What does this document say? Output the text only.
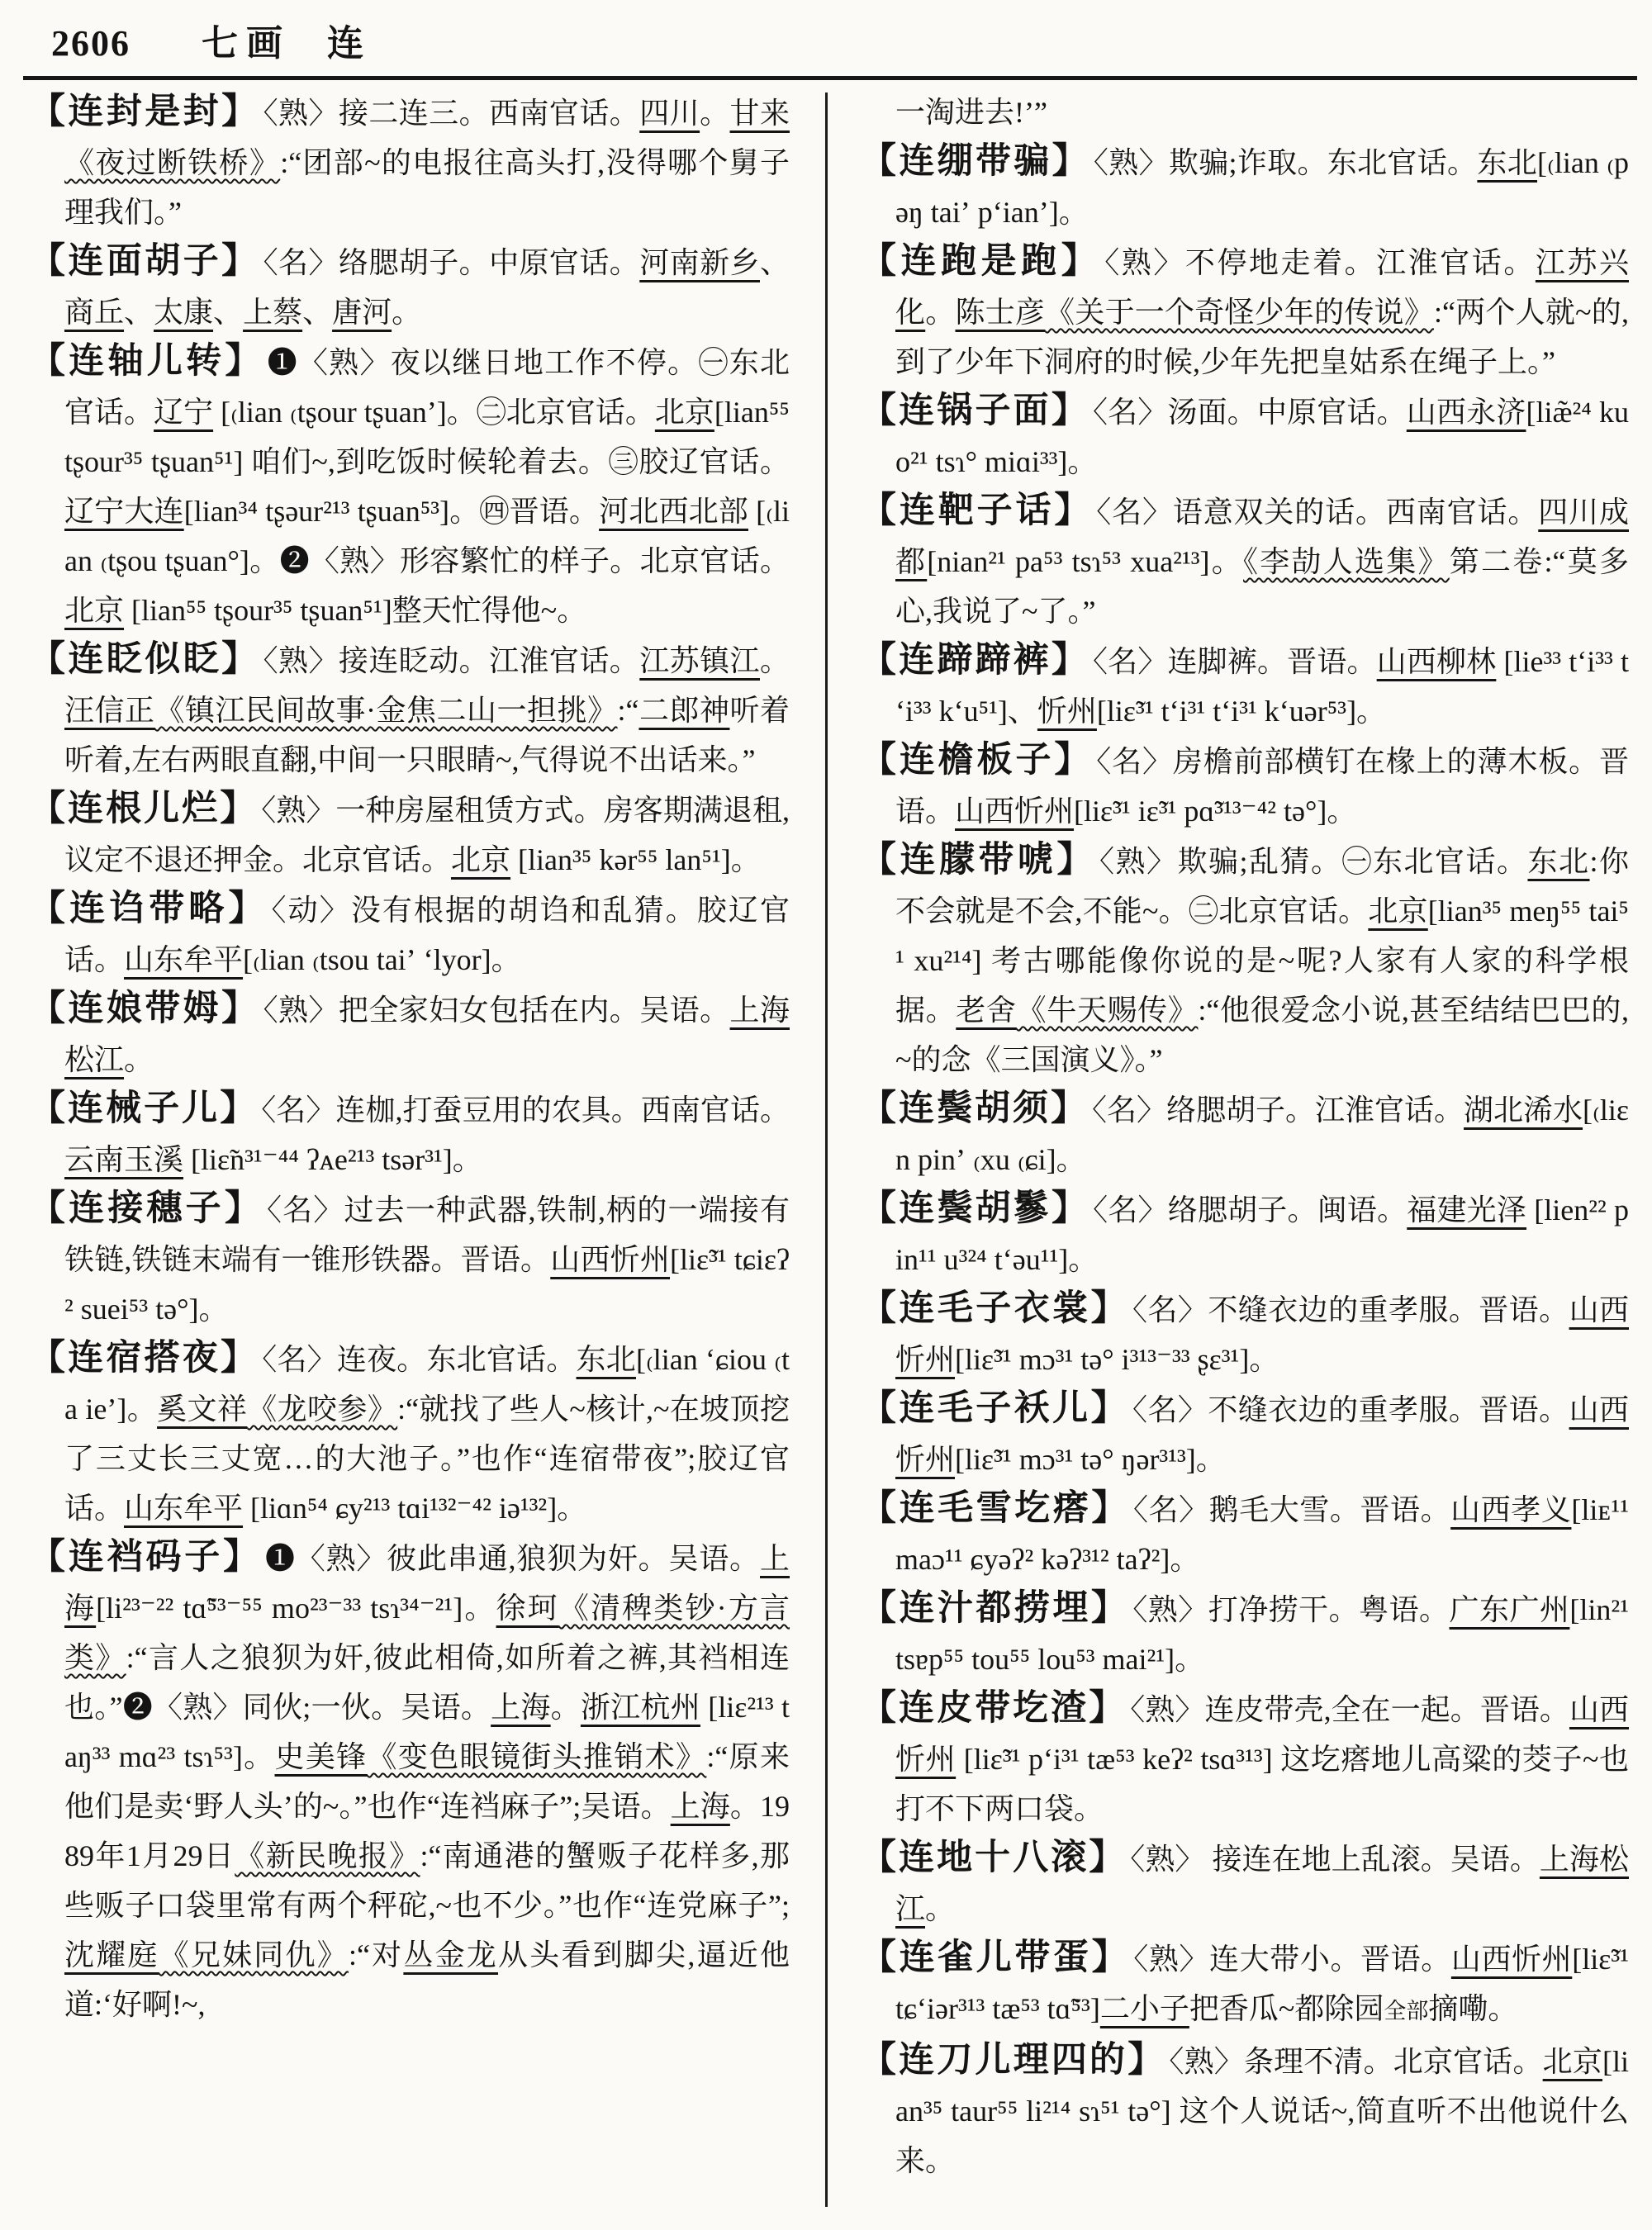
2606 七画 连

【连封是封】 〈熟〉接二连三。西南官话。四川。甘来《夜过断铁桥》:“团部~的电报往高头打,没得哪个舅子理我们。”

【连面胡子】 〈名〉络腮胡子。中原官话。河南新乡、商丘、太康、上蔡、唐河。

【连轴儿转】 ❶〈熟〉夜以继日地工作不停。㊀东北官话。辽宁 [₍lian ₍tʂour tʂuanʼ]。㊁北京官话。北京[lian⁵⁵ tʂour³⁵ tʂuan⁵¹] 咱们~,到吃饭时候轮着去。㊂胶辽官话。辽宁大连[lian³⁴ tʂəur²¹³ tʂuan⁵³]。㊃晋语。河北西北部 [₍lian ₍tʂou tʂuan°]。❷〈熟〉形容繁忙的样子。北京官话。北京 [lian⁵⁵ tʂour³⁵ tʂuan⁵¹]整天忙得他~。

【连眨似眨】 〈熟〉接连眨动。江淮官话。江苏镇江。汪信正《镇江民间故事·金焦二山一担挑》:“二郎神听着听着,左右两眼直翻,中间一只眼睛~,气得说不出话来。”

【连根儿烂】 〈熟〉一种房屋租赁方式。房客期满退租,议定不退还押金。北京官话。北京 [lian³⁵ kər⁵⁵ lan⁵¹]。

【连诌带略】 〈动〉没有根据的胡诌和乱猜。胶辽官话。山东牟平[₍lian ₍tsou taiʼ ʻlyor]。

【连娘带姆】 〈熟〉把全家妇女包括在内。吴语。上海松江。

【连械子儿】 〈名〉连枷,打蚕豆用的农具。西南官话。云南玉溪 [liɛ̃n³¹⁻⁴⁴ ʔᴀe²¹³ tsər³¹]。

【连接穗子】 〈名〉过去一种武器,铁制,柄的一端接有铁链,铁链末端有一锥形铁器。晋语。山西忻州[liɛ̃³¹ tɕiɛʔ² suei⁵³ tə°]。

【连宿搭夜】 〈名〉连夜。东北官话。东北[₍lian ʻɕiou ₍ta ieʼ]。奚文祥《龙咬参》:“就找了些人~核计,~在坡顶挖了三丈长三丈宽…的大池子。”也作“连宿带夜”;胶辽官话。山东牟平 [liɑn⁵⁴ ɕy²¹³ tɑi¹³²⁻⁴² iə¹³²]。

【连裆码子】 ❶〈熟〉彼此串通,狼狈为奸。吴语。上海[li²³⁻²² tɑ̃⁵³⁻⁵⁵ mo²³⁻³³ tsɿ³⁴⁻²¹]。徐珂《清稗类钞·方言类》:“言人之狼狈为奸,彼此相倚,如所着之裤,其裆相连也。”❷〈熟〉同伙;一伙。吴语。上海。浙江杭州 [liɛ²¹³ taŋ³³ mɑ²³ tsɿ⁵³]。史美锋《变色眼镜街头推销术》:“原来他们是卖‘野人头’的~。”也作“连裆麻子”;吴语。上海。1989年1月29日《新民晚报》:“南通港的蟹贩子花样多,那些贩子口袋里常有两个秤砣,~也不少。”也作“连党麻子”;沈耀庭《兄妹同仇》:“对丛金龙从头看到脚尖,逼近他道:‘好啊!~,

一淘进去!’”

【连绷带骗】 〈熟〉欺骗;诈取。东北官话。东北[₍lian ₍pəŋ taiʼ pʻianʼ]。

【连跑是跑】 〈熟〉不停地走着。江淮官话。江苏兴化。陈士彦《关于一个奇怪少年的传说》:“两个人就~的,到了少年下洞府的时候,少年先把皇姑系在绳子上。”

【连锅子面】 〈名〉汤面。中原官话。山西永济[liæ̃²⁴ kuo²¹ tsɿ° miɑi³³]。

【连靶子话】 〈名〉语意双关的话。西南官话。四川成都[nian²¹ pa⁵³ tsɿ⁵³ xua²¹³]。《李劼人选集》第二卷:“莫多心,我说了~了。”

【连蹄蹄裤】 〈名〉连脚裤。晋语。山西柳林 [lie³³ tʻi³³ tʻi³³ kʻu⁵¹]、忻州[liɛ̃³¹ tʻi³¹ tʻi³¹ kʻuər⁵³]。

【连檐板子】 〈名〉房檐前部横钉在椽上的薄木板。晋语。山西忻州[liɛ̃³¹ iɛ̃³¹ pɑ̃³¹³⁻⁴² tə°]。

【连朦带唬】 〈熟〉欺骗;乱猜。㊀东北官话。东北:你不会就是不会,不能~。㊁北京官话。北京[lian³⁵ meŋ⁵⁵ tai⁵¹ xu²¹⁴] 考古哪能像你说的是~呢?人家有人家的科学根据。老舍《牛天赐传》:“他很爱念小说,甚至结结巴巴的,~的念《三国演义》。”

【连鬓胡须】 〈名〉络腮胡子。江淮官话。湖北浠水[₍liɛn pinʼ ₍xu ₍ɕi]。

【连鬓胡鬖】 〈名〉络腮胡子。闽语。福建光泽 [lien²² pin¹¹ u³²⁴ tʻəu¹¹]。

【连毛子衣裳】 〈名〉不缝衣边的重孝服。晋语。山西忻州[liɛ̃³¹ mɔ³¹ tə° i³¹³⁻³³ ʂɛ³¹]。

【连毛子袄儿】 〈名〉不缝衣边的重孝服。晋语。山西忻州[liɛ̃³¹ mɔ³¹ tə° ŋər³¹³]。

【连毛雪圪瘩】 〈名〉鹅毛大雪。晋语。山西孝义[liᴇ¹¹ maɔ¹¹ ɕyəʔ² kəʔ³¹² taʔ²]。

【连汁都捞埋】 〈熟〉打净捞干。粤语。广东广州[lin²¹ tsɐp⁵⁵ tou⁵⁵ lou⁵³ mai²¹]。

【连皮带圪渣】 〈熟〉连皮带壳,全在一起。晋语。山西忻州 [liɛ̃³¹ pʻi³¹ tæ⁵³ keʔ² tsɑ³¹³] 这圪瘩地儿高粱的茭子~也打不下两口袋。

【连地十八滚】 〈熟〉 接连在地上乱滚。吴语。上海松江。

【连雀儿带蛋】 〈熟〉连大带小。晋语。山西忻州[liɛ̃³¹ tɕʻiər³¹³ tæ⁵³ tɑ̃⁵³]二小子把香瓜~都除园全部摘嘞。

【连刀儿理四的】 〈熟〉条理不清。北京官话。北京[lian³⁵ taur⁵⁵ li²¹⁴ sɿ⁵¹ tə°] 这个人说话~,简直听不出他说什么来。
